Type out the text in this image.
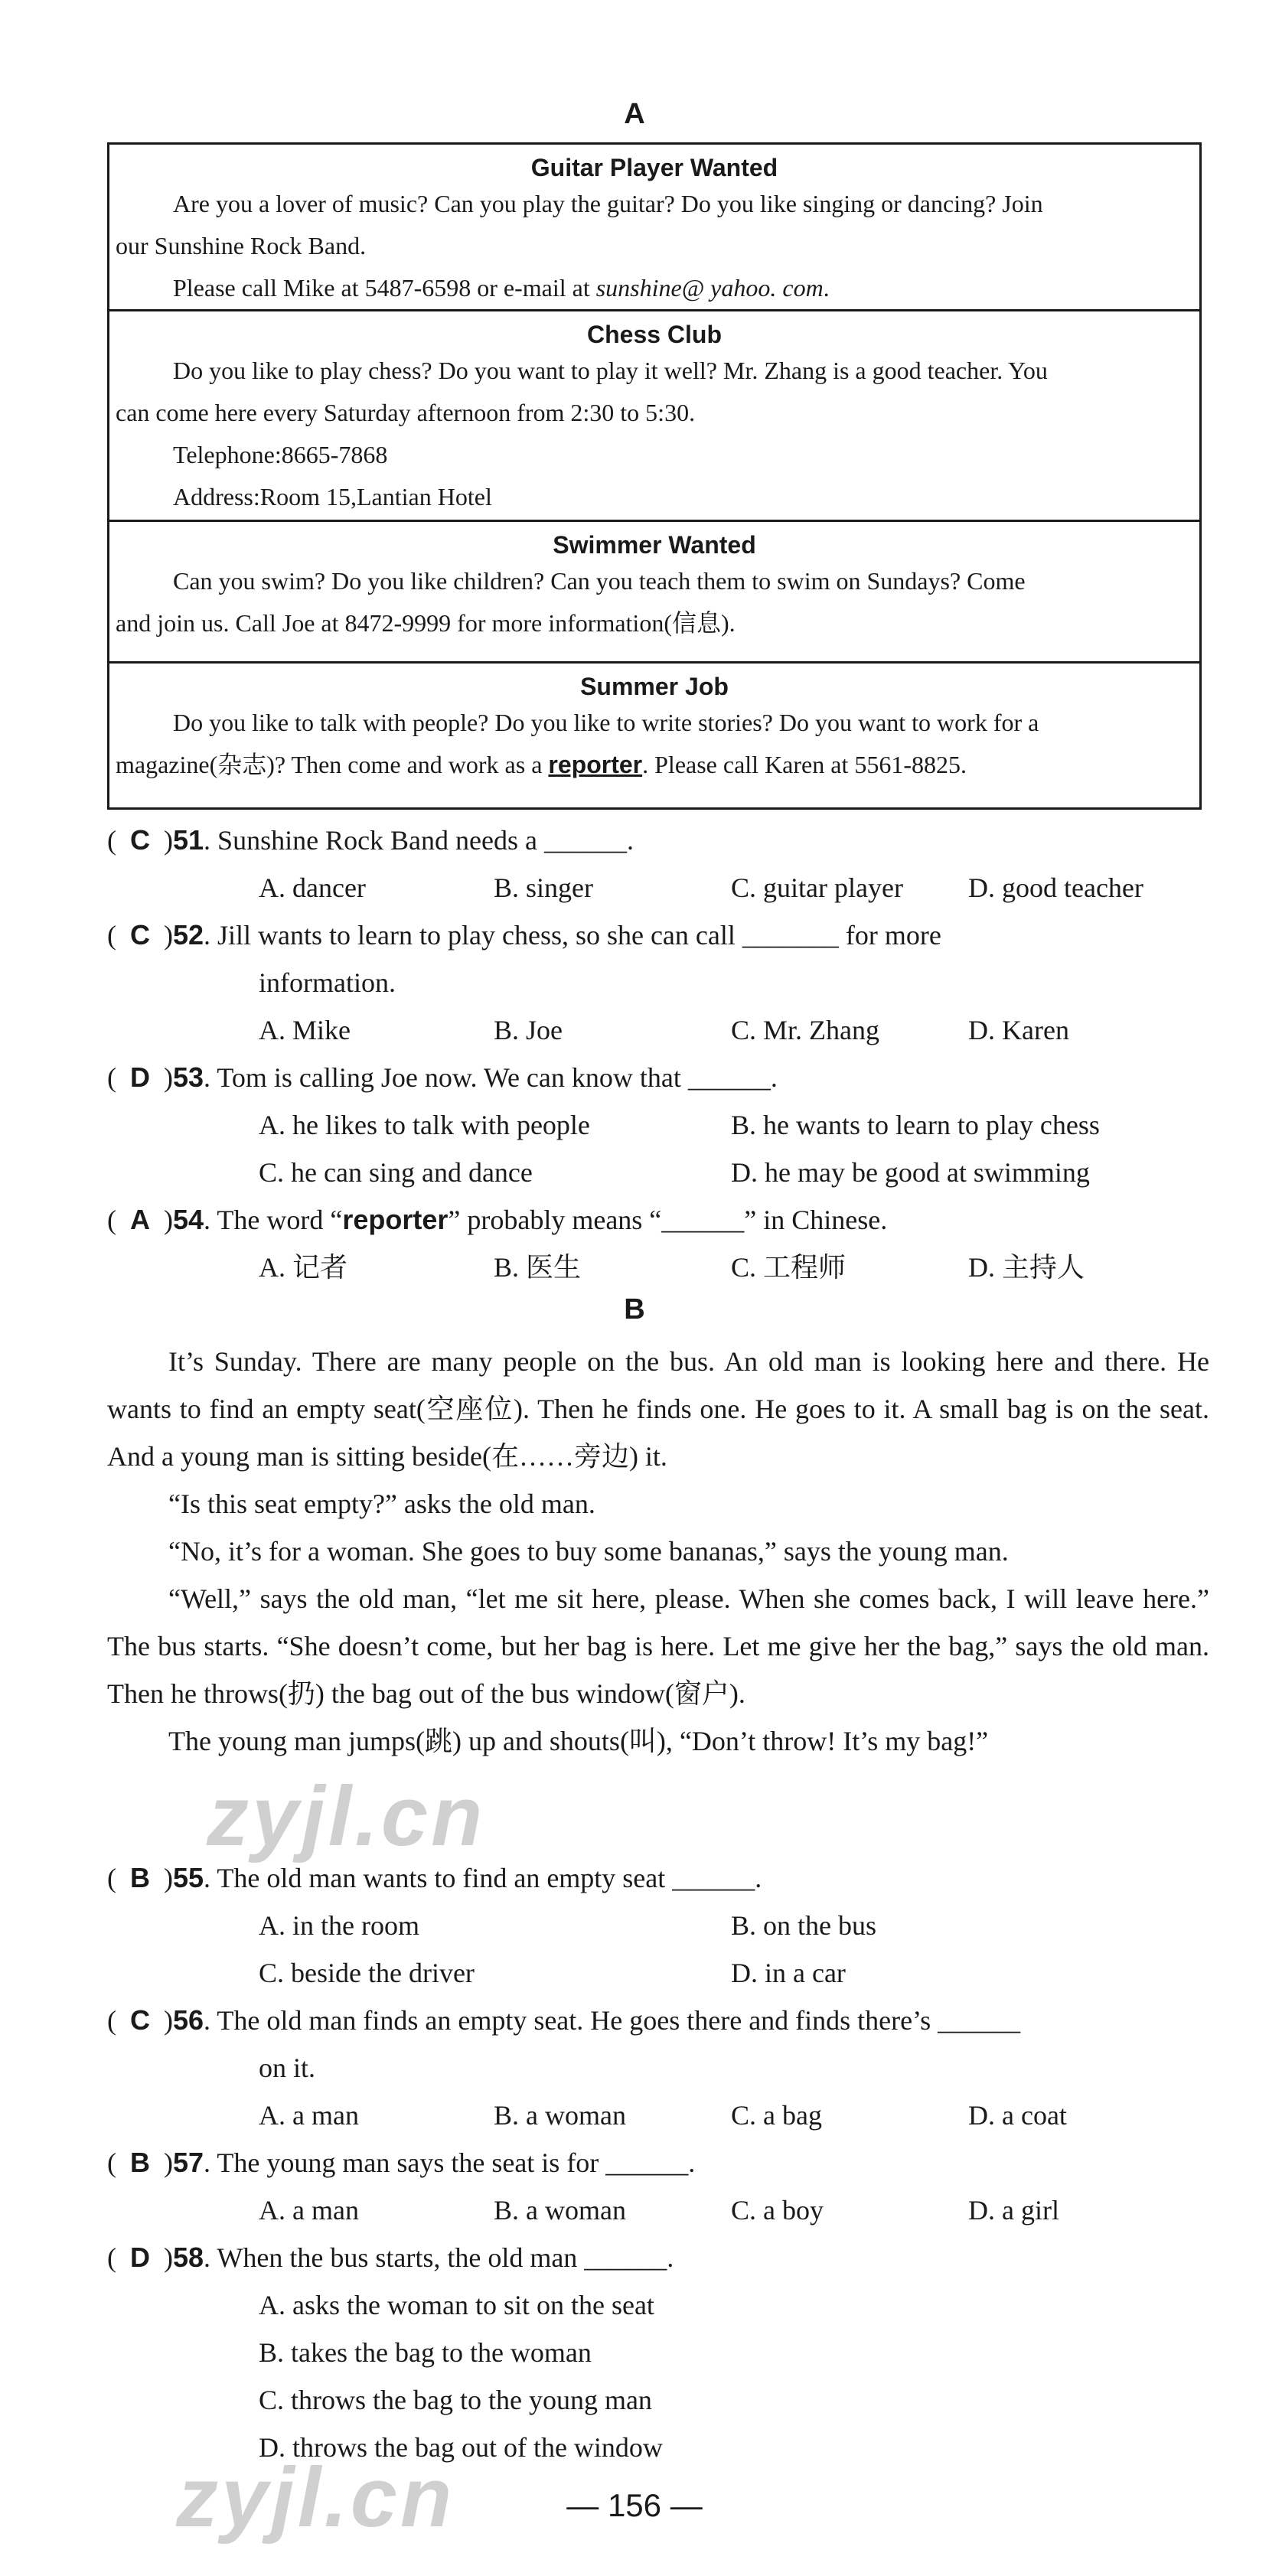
A
Guitar Player Wanted
Are you a lover of music? Can you play the guitar? Do you like singing or dancing? Join
our Sunshine Rock Band.
Please call Mike at 5487-6598 or e-mail at sunshine@ yahoo. com.
Chess Club
Do you like to play chess? Do you want to play it well? Mr. Zhang is a good teacher. You
can come here every Saturday afternoon from 2:30 to 5:30.
Telephone:8665-7868
Address:Room 15,Lantian Hotel
Swimmer Wanted
Can you swim? Do you like children? Can you teach them to swim on Sundays? Come
and join us. Call Joe at 8472-9999 for more information(信息).
Summer Job
Do you like to talk with people? Do you like to write stories? Do you want to work for a
magazine(杂志)? Then come and work as a reporter. Please call Karen at 5561-8825.
(  C  )51. Sunshine Rock Band needs a ______.
A. dancer	B. singer	C. guitar player D. good teacher
(  C  )52. Jill wants to learn to play chess, so she can call _______ for more
information.
A. Mike	B. Joe	C. Mr. Zhang	D. Karen
(  D  )53. Tom is calling Joe now. We can know that ______.
A. he likes to talk with people	B. he wants to learn to play chess
C. he can sing and dance	D. he may be good at swimming
(  A  )54. The word “reporter” probably means “______” in Chinese.
A. 记者	B. 医生	C. 工程师	D. 主持人
B

It’s Sunday. There are many people on the bus. An old man is looking here and there. He wants to find an empty seat(空座位). Then he finds one. He goes to it. A small bag is on the seat. And a young man is sitting beside(在……旁边) it.

“Is this seat empty?” asks the old man.

“No, it’s for a woman. She goes to buy some bananas,” says the young man.

“Well,” says the old man, “let me sit here, please. When she comes back, I will leave here.” The bus starts. “She doesn’t come, but her bag is here. Let me give her the bag,” says the old man. Then he throws(扔) the bag out of the bus window(窗户).

The young man jumps(跳) up and shouts(叫), “Don’t throw! It’s my bag!”

(  B  )55. The old man wants to find an empty seat ______.
A. in the room	B. on the bus
C. beside the driver	D. in a car
(  C  )56. The old man finds an empty seat. He goes there and finds there’s ______
on it.
A. a man	B. a woman	C. a bag	D. a coat
(  B  )57. The young man says the seat is for ______.
A. a man	B. a woman	C. a boy	D. a girl
(  D  )58. When the bus starts, the old man ______.
A. asks the woman to sit on the seat
B. takes the bag to the woman
C. throws the bag to the young man
D. throws the bag out of the window
zyjl.cn
zyjl.cn	— 156 —
